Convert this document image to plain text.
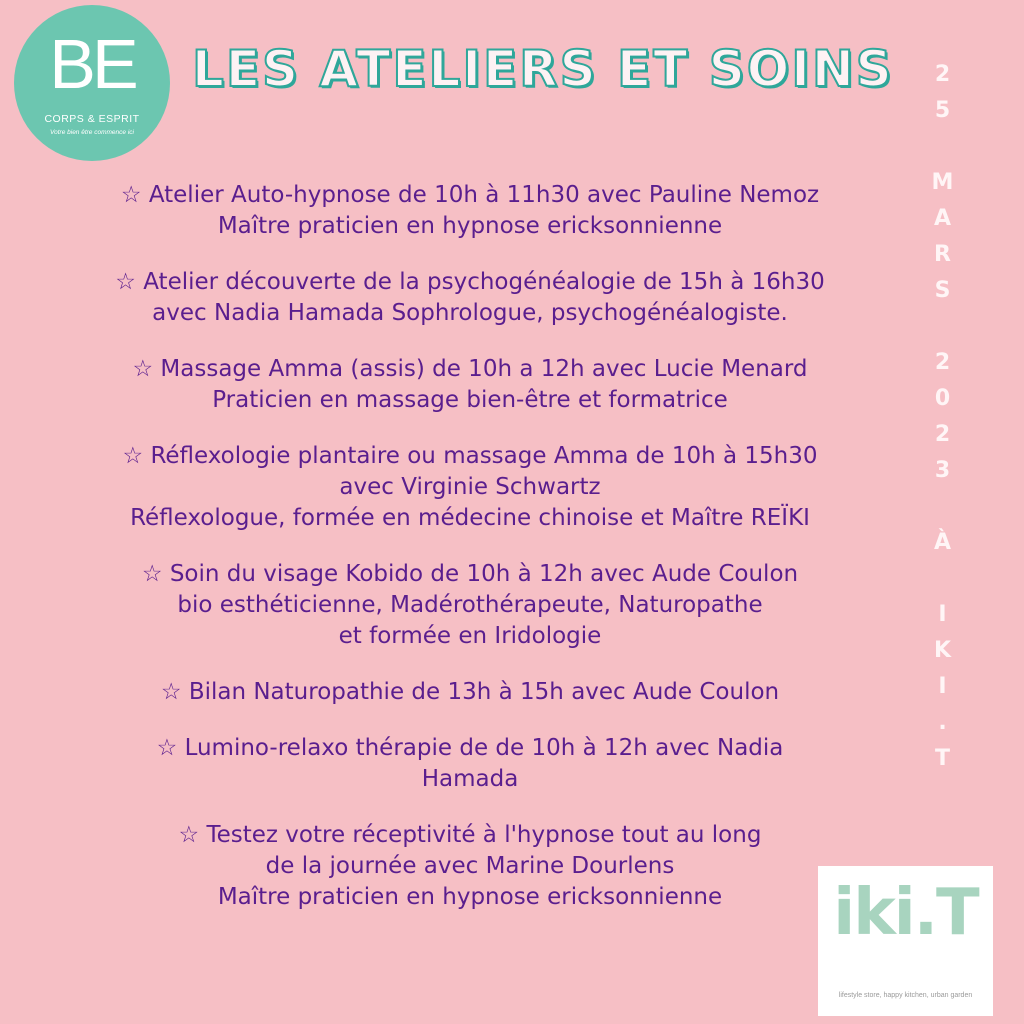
BE
CORPS & ESPRIT
Votre bien être commence ici
LES ATELIERS ET SOINS	25 MARS 2023 À IKI.T
☆ Atelier Auto-hypnose de 10h à 11h30 avec Pauline Nemoz
Maître praticien en hypnose ericksonnienne
☆ Atelier découverte de la psychogénéalogie de 15h à 16h30
avec Nadia Hamada Sophrologue, psychogénéalogiste.
☆ Massage Amma (assis) de 10h a 12h avec Lucie Menard
Praticien en massage bien-être et formatrice
☆ Réflexologie plantaire ou massage Amma de 10h à 15h30
avec Virginie Schwartz
Réflexologue, formée en médecine chinoise et Maître REÏKI
☆ Soin du visage Kobido de 10h à 12h avec Aude Coulon
bio esthéticienne, Madérothérapeute, Naturopathe
et formée en Iridologie
☆ Bilan Naturopathie de 13h à 15h avec Aude Coulon
☆ Lumino-relaxo thérapie de de 10h à 12h avec Nadia
Hamada
☆ Testez votre réceptivité à l'hypnose tout au long
de la journée avec Marine Dourlens
Maître praticien en hypnose ericksonnienne	iki.T
lifestyle store, happy kitchen, urban garden
